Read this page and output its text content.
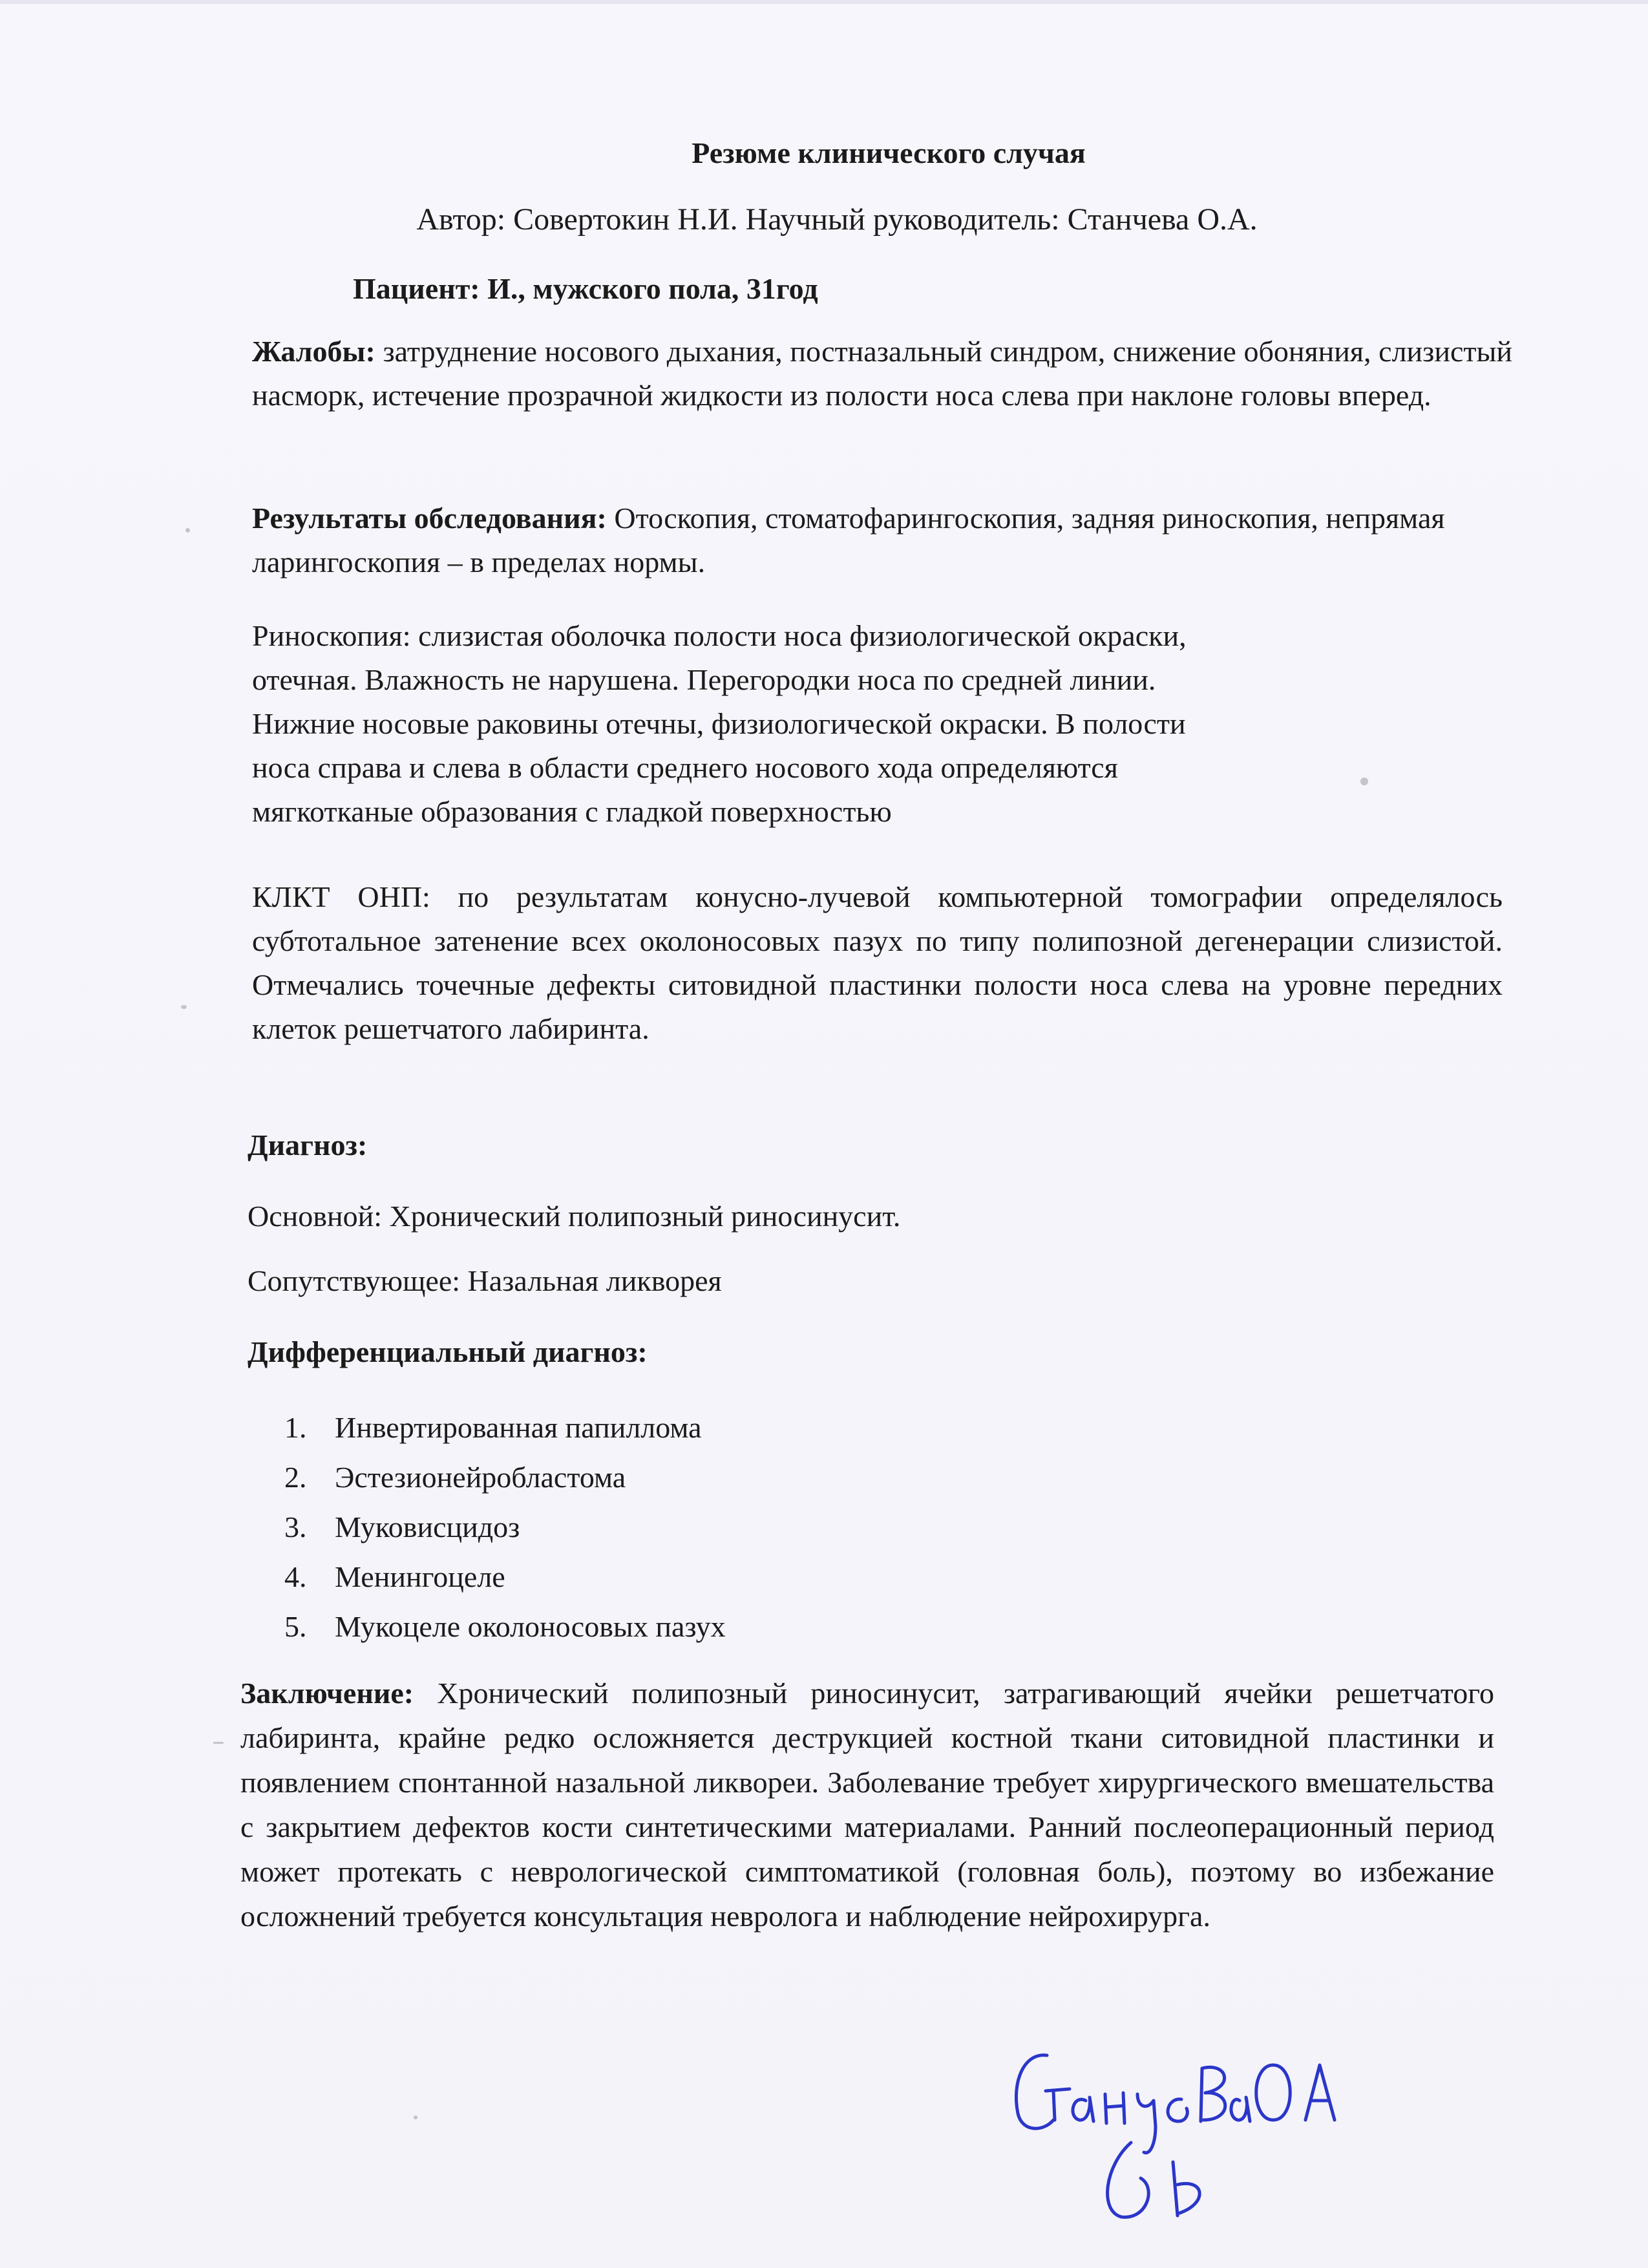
Резюме клинического случая

Автор: Совертокин Н.И. Научный руководитель: Станчева О.А.

Пациент: И., мужского пола, 31год

Жалобы: затруднение носового дыхания, постназальный синдром, снижение обоняния, слизистый насморк, истечение прозрачной жидкости из полости носа слева при наклоне головы вперед.

Результаты обследования: Отоскопия, стоматофарингоскопия, задняя риноскопия, непрямая ларингоскопия – в пределах нормы.

Риноскопия: слизистая оболочка полости носа физиологической окраски,
отечная. Влажность не нарушена. Перегородки носа по средней линии.
Нижние носовые раковины отечны, физиологической окраски. В полости
носа справа и слева в области среднего носового хода определяются
мягкотканые образования с гладкой поверхностью

КЛКТ ОНП: по результатам конусно-лучевой компьютерной томографии определялось субтотальное затенение всех околоносовых пазух по типу полипозной дегенерации слизистой. Отмечались точечные дефекты ситовидной пластинки полости носа слева на уровне передних клеток решетчатого лабиринта.

Диагноз:

Основной: Хронический полипозный риносинусит.

Сопутствующее: Назальная ликворея

Дифференциальный диагноз:

1. Инвертированная папиллома
2. Эстезионейробластома
3. Муковисцидоз
4. Менингоцеле
5. Мукоцеле околоносовых пазух

Заключение: Хронический полипозный риносинусит, затрагивающий ячейки решетчатого лабиринта, крайне редко осложняется деструкцией костной ткани ситовидной пластинки и появлением спонтанной назальной ликвореи. Заболевание требует хирургического вмешательства с закрытием дефектов кости синтетическими материалами. Ранний послеоперационный период может протекать с неврологической симптоматикой (головная боль), поэтому во избежание осложнений требуется консультация невролога и наблюдение нейрохирурга.
